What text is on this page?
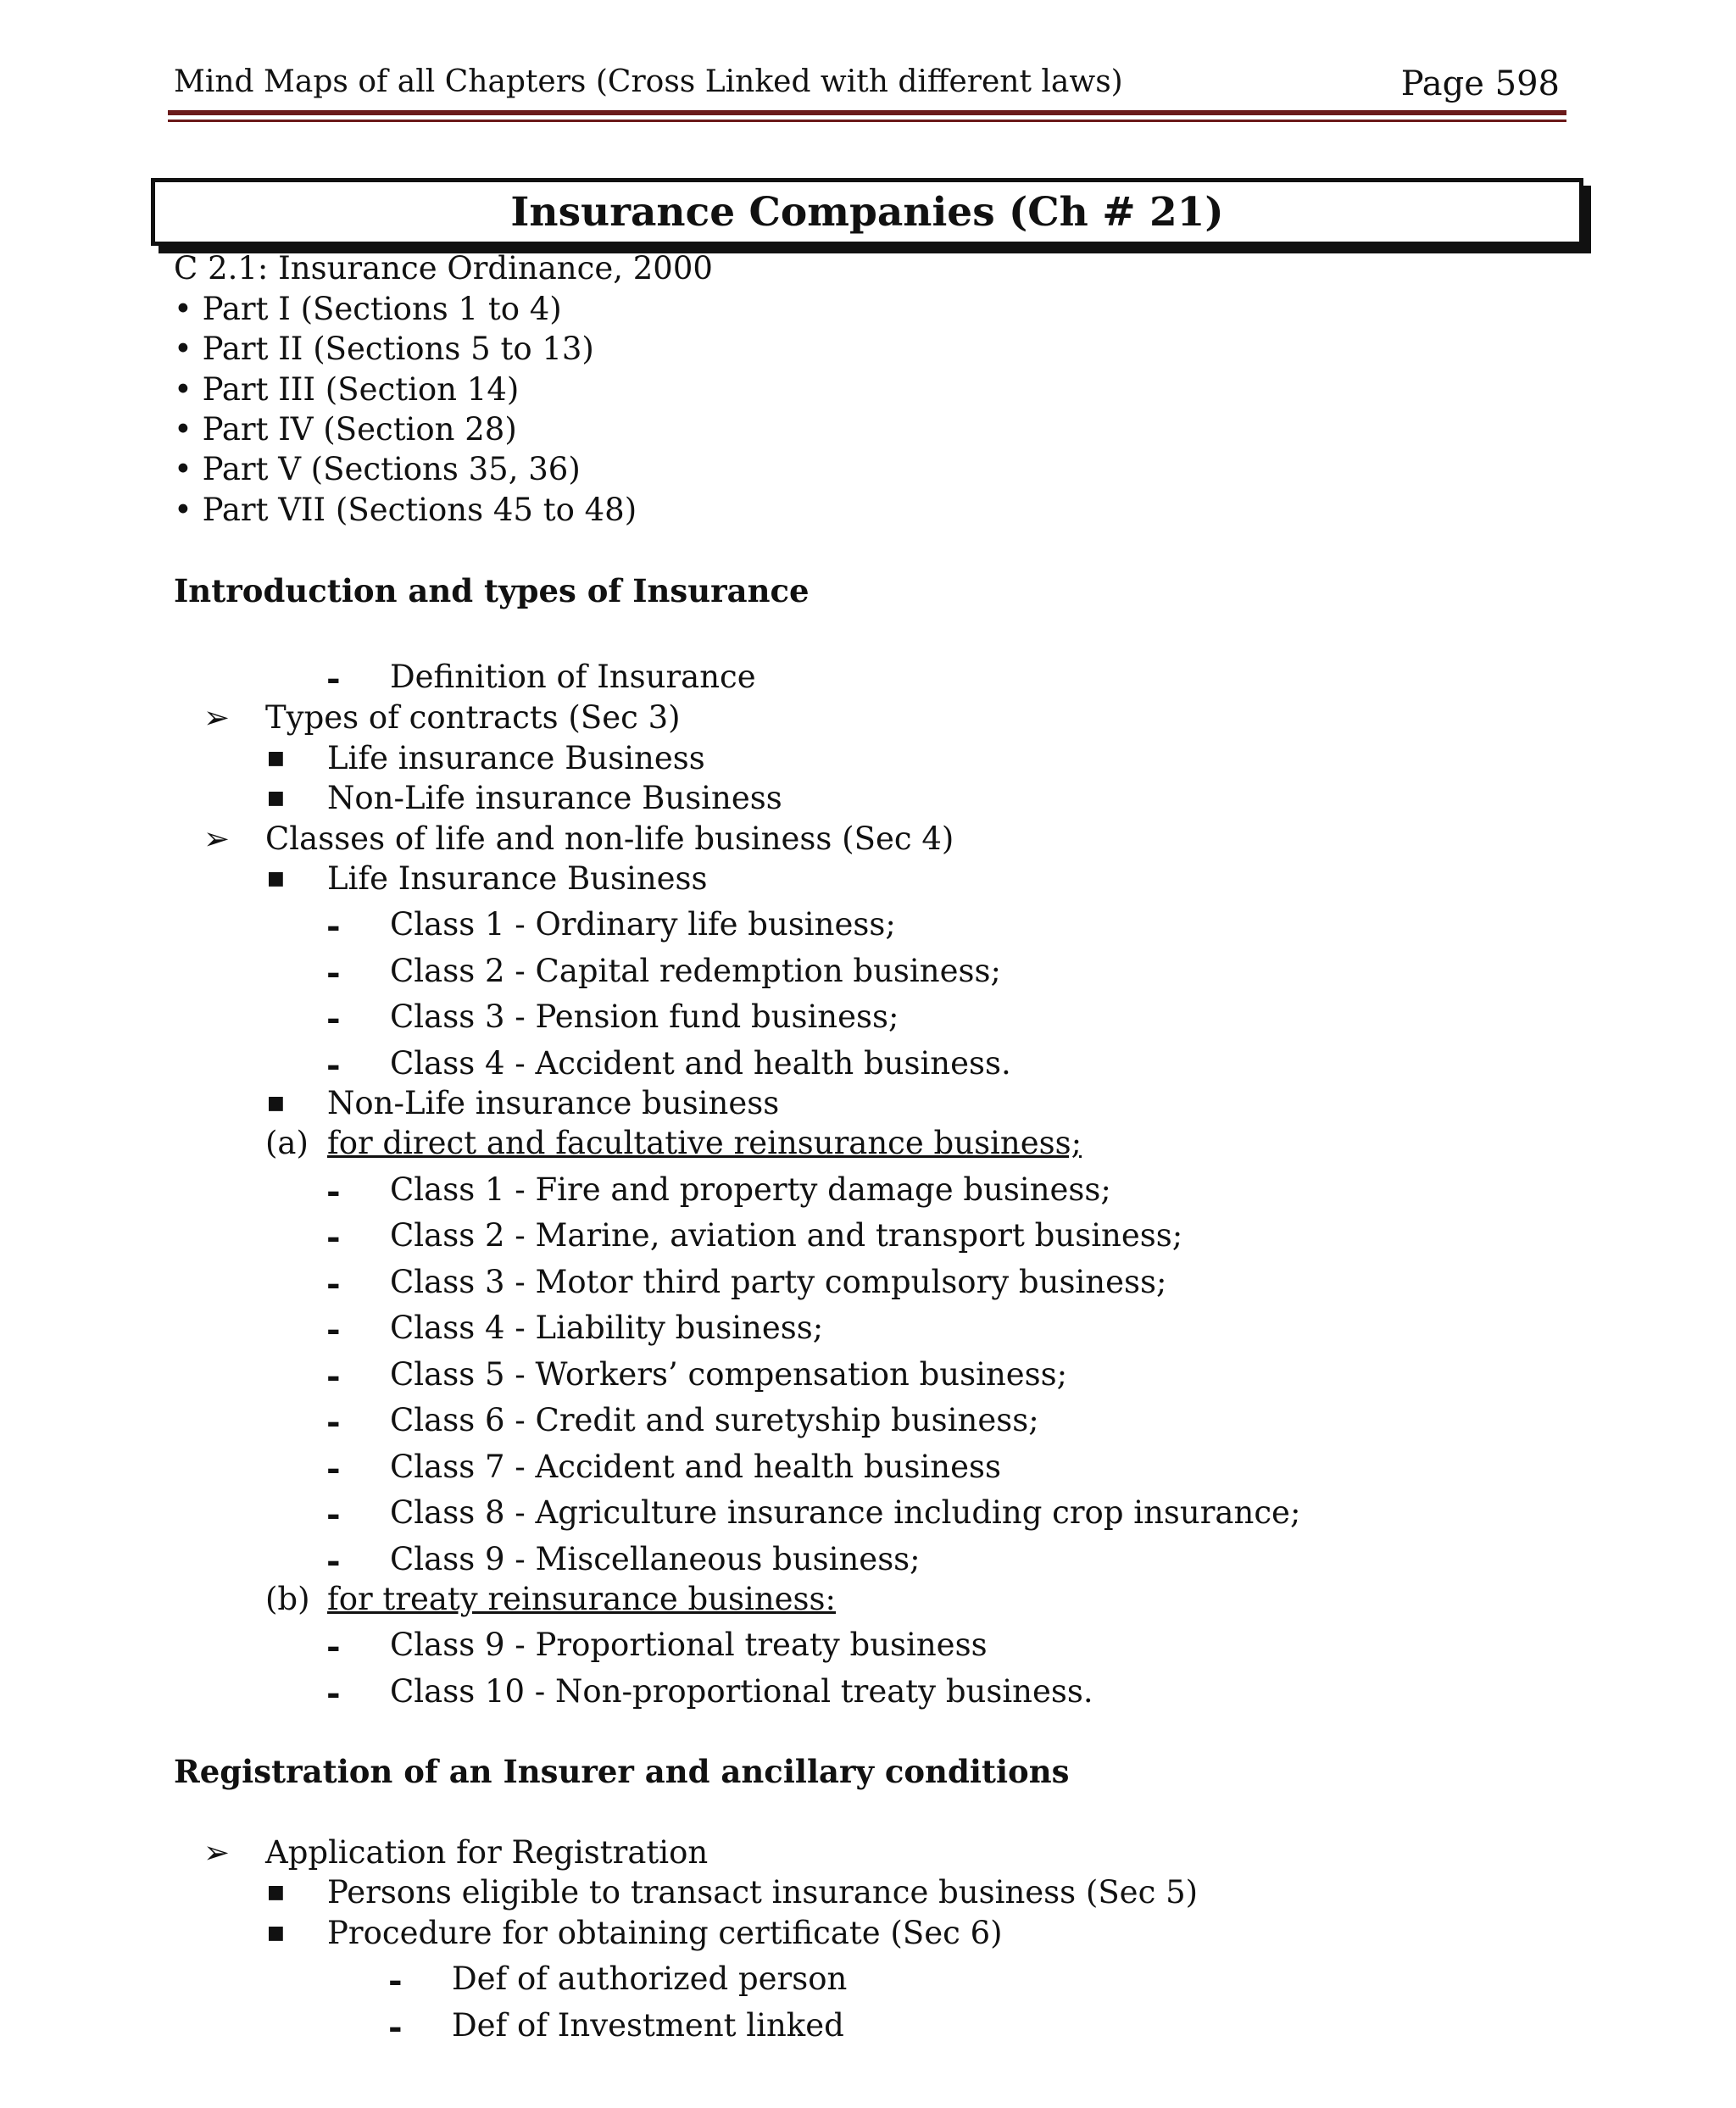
Mind Maps of all Chapters (Cross Linked with different laws)	Page 598
Insurance Companies (Ch # 21)
C 2.1: Insurance Ordinance, 2000
• Part I (Sections 1 to 4)
• Part II (Sections 5 to 13)
• Part III (Section 14)
• Part IV (Section 28)
• Part V (Sections 35, 36)
• Part VII (Sections 45 to 48)
Introduction and types of Insurance
- Definition of Insurance
➢ Types of contracts (Sec 3)
■ Life insurance Business
■ Non-Life insurance Business
➢ Classes of life and non-life business (Sec 4)
■ Life Insurance Business
- Class 1 - Ordinary life business;
- Class 2 - Capital redemption business;
- Class 3 - Pension fund business;
- Class 4 - Accident and health business.
■ Non-Life insurance business
(a) for direct and facultative reinsurance business;
- Class 1 - Fire and property damage business;
- Class 2 - Marine, aviation and transport business;
- Class 3 - Motor third party compulsory business;
- Class 4 - Liability business;
- Class 5 - Workers’ compensation business;
- Class 6 - Credit and suretyship business;
- Class 7 - Accident and health business
- Class 8 - Agriculture insurance including crop insurance;
- Class 9 - Miscellaneous business;
(b) for treaty reinsurance business:
- Class 9 - Proportional treaty business
- Class 10 - Non-proportional treaty business.
Registration of an Insurer and ancillary conditions
➢ Application for Registration
■ Persons eligible to transact insurance business (Sec 5)
■ Procedure for obtaining certificate (Sec 6)
- Def of authorized person
- Def of Investment linked
